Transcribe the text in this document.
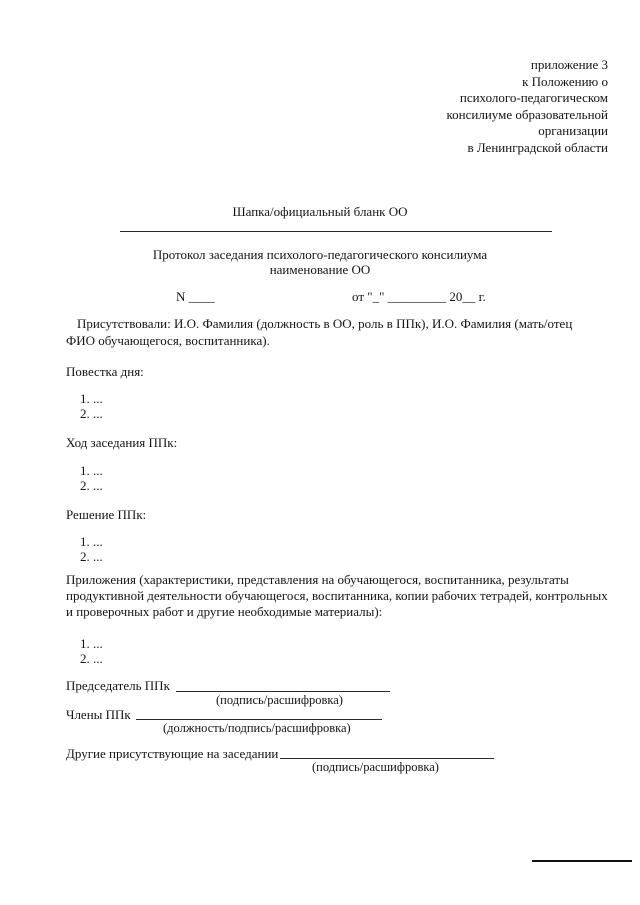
приложение 3
к Положению о
психолого-педагогическом
консилиуме образовательной
организации
в Ленинградской области
Шапка/официальный бланк ОО
Протокол заседания психолого-педагогического консилиума
наименование ОО
N ____	от "_" _________ 20__ г.
Присутствовали: И.О. Фамилия (должность в ОО, роль в ППк), И.О. Фамилия (мать/отец
ФИО обучающегося, воспитанника).
Повестка дня:
1. ...
2. ...
Ход заседания ППк:
1. ...
2. ...
Решение ППк:
1. ...
2. ...
Приложения (характеристики, представления на обучающегося, воспитанника, результаты
продуктивной деятельности обучающегося, воспитанника, копии рабочих тетрадей, контрольных
и проверочных работ и другие необходимые материалы):
1. ...
2. ...
Председатель ППк
(подпись/расшифровка)
Члены ППк
(должность/подпись/расшифровка)
Другие присутствующие на заседании
(подпись/расшифровка)
